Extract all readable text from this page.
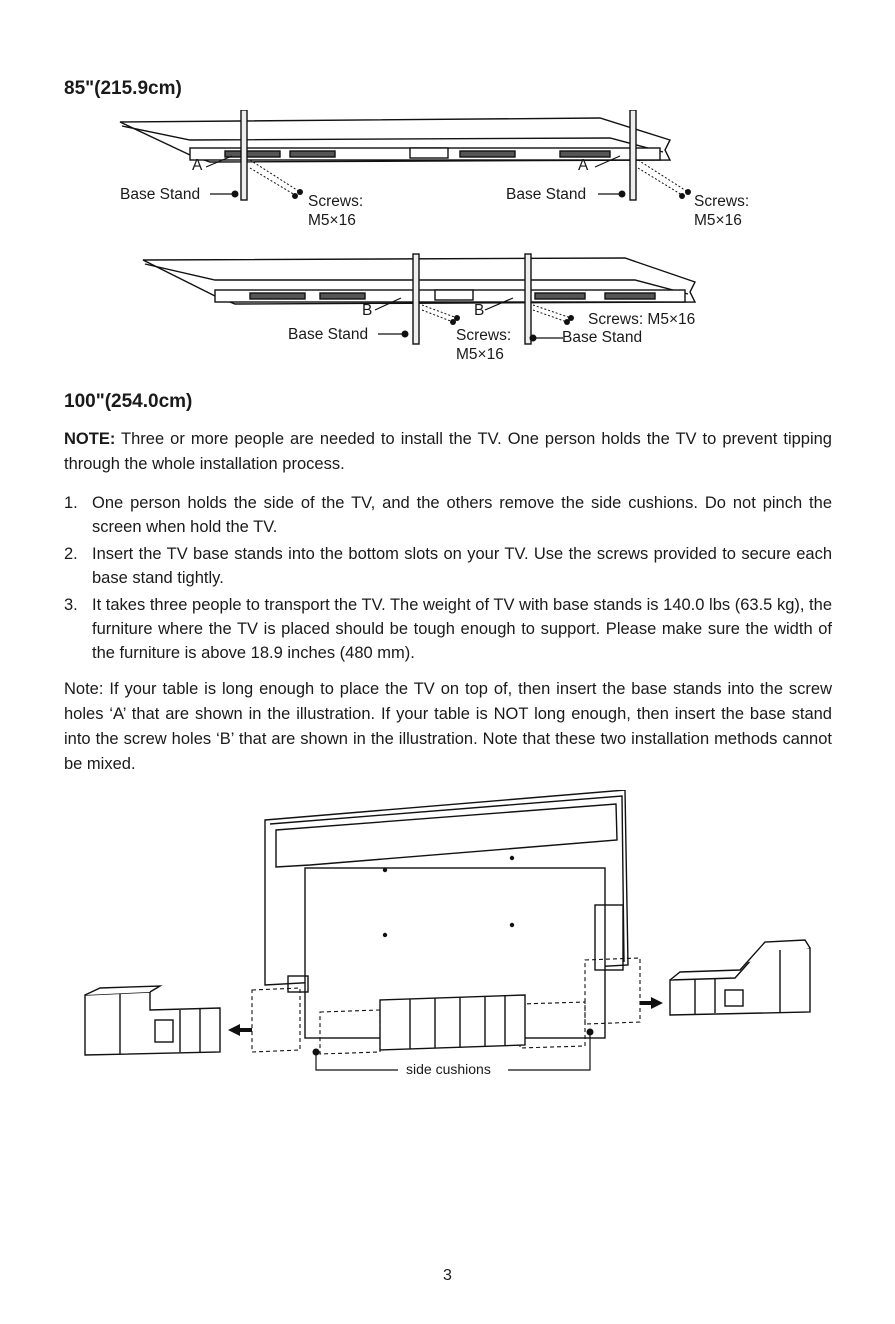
85"(215.9cm)
A	A
Base Stand	Base Stand
Screws:
M5×16
Screws:
M5×16
B	B
Base Stand	Screws:
M5×16
Screws: M5×16
Base Stand
100"(254.0cm)
NOTE: Three or more people are needed to install the TV. One person holds the TV to prevent tipping through the whole installation process.
1. One person holds the side of the TV, and the others remove the side cushions. Do not pinch the screen when hold the TV.
2. Insert the TV base stands into the bottom slots on your TV. Use the screws provided to secure each base stand tightly.
3. It takes three people to transport the TV. The weight of TV with base stands is 140.0 lbs (63.5 kg), the furniture where the TV is placed should be tough enough to support. Please make sure the width of the furniture is above 18.9 inches (480 mm).
Note: If your table is long enough to place the TV on top of, then insert the base stands into the screw holes ‘A’ that are shown in the illustration. If your table is NOT long enough, then insert the base stand into the screw holes ‘B’ that are shown in the illustration. Note that these two installation methods cannot be mixed.
side cushions
3
